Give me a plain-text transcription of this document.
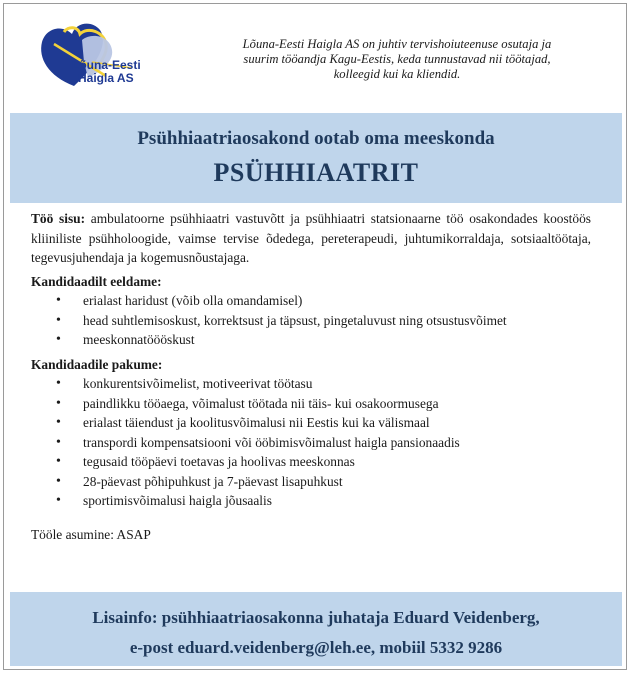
Lõuna-Eesti
Haigla AS
Lõuna-Eesti Haigla AS on juhtiv tervishoiuteenuse osutaja ja
suurim tööandja Kagu-Eestis, keda tunnustavad nii töötajad,
kolleegid kui ka kliendid.
Psühhiaatriaosakond ootab oma meeskonda
PSÜHHIAATRIT

Töö sisu: ambulatoorne psühhiaatri vastuvõtt ja psühhiaatri statsionaarne töö osakondades koostöös kliiniliste psühholoogide, vaimse tervise õdedega, pereterapeudi, juhtumikorraldaja, sotsiaaltöötaja, tegevusjuhendaja ja kogemusnõustajaga.

Kandidaadilt eeldame:

• erialast haridust (võib olla omandamisel)
• head suhtlemisoskust, korrektsust ja täpsust, pingetaluvust ning otsustusvõimet
• meeskonnatöööskust

Kandidaadile pakume:

• konkurentsivõimelist, motiveerivat töötasu
• paindlikku tööaega, võimalust töötada nii täis- kui osakoormusega
• erialast täiendust ja koolitusvõimalusi nii Eestis kui ka välismaal
• transpordi kompensatsiooni või ööbimisvõimalust haigla pansionaadis
• tegusaid tööpäevi toetavas ja hoolivas meeskonnas
• 28-päevast põhipuhkust ja 7-päevast lisapuhkust
• sportimisvõimalusi haigla jõusaalis

Tööle asumine: ASAP

Lisainfo: psühhiaatriaosakonna juhataja Eduard Veidenberg,
e-post eduard.veidenberg@leh.ee, mobiil 5332 9286
